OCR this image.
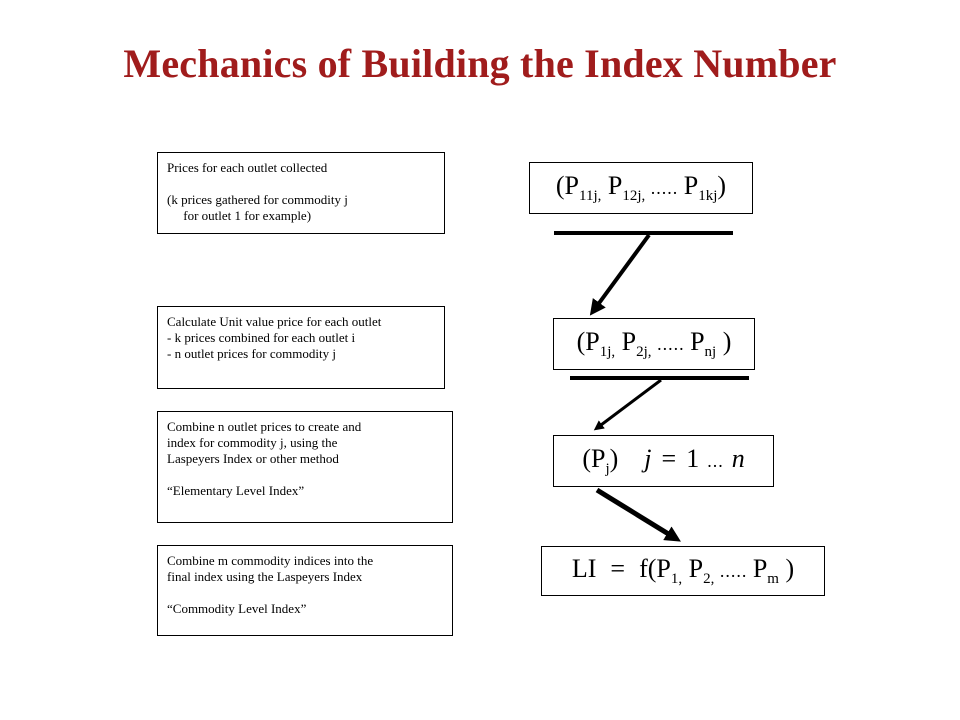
Mechanics of Building the Index Number
Prices for each outlet collected
(k prices gathered for commodity j
for outlet 1 for example)
Calculate Unit value price for each outlet
- k prices combined for each outlet i
- n outlet prices for commodity j
Combine n outlet prices to create and
index for commodity j, using the
Laspeyers Index or other method
“Elementary Level Index”
Combine m commodity indices into the
final index using the Laspeyers Index
“Commodity Level Index”
($P_{11j,}$ $P_{12j,}$ ..... $P_{1kj}$)
($P_{1j,}$ $P_{2j,}$ ..... $P_{nj}$ )
$(P_j) j = 1$ ... n
LI = $f(P_{1,}$ $P_{2,}$ ..... $P_m$ )
